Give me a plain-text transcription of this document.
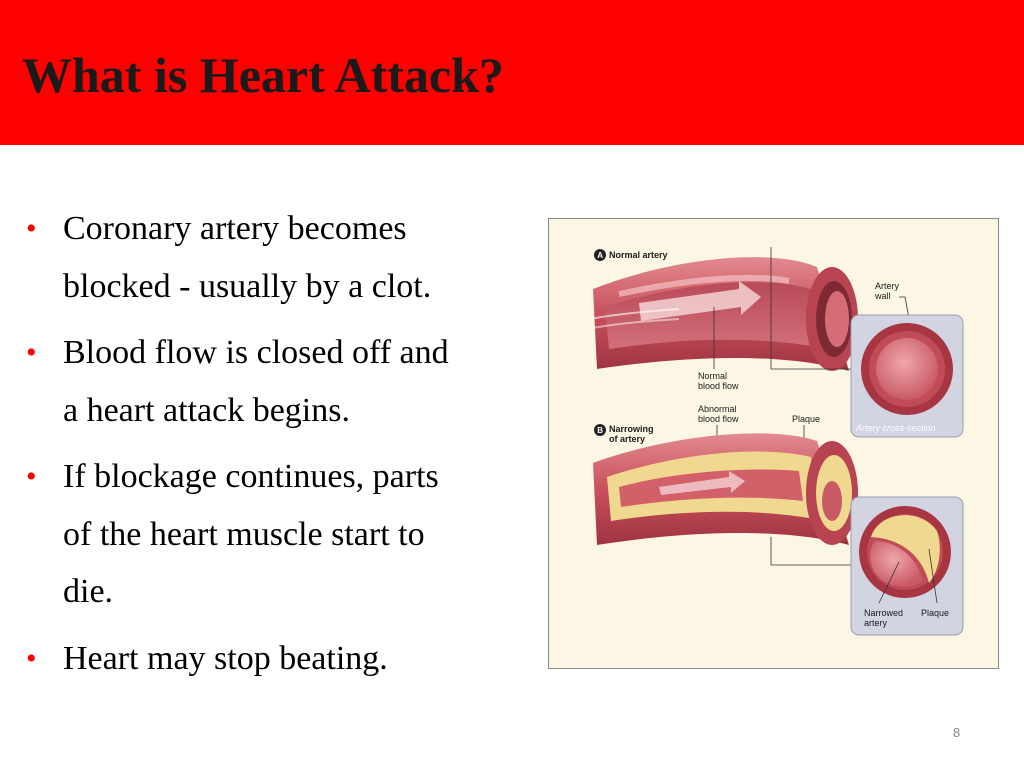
What is Heart Attack?
• Coronary artery becomes
blocked - usually by a clot.
• Blood flow is closed off and
a heart attack begins.
• If blockage continues, parts
of the heart muscle start to
die.
• Heart may stop beating.
A Normal artery
Normal
blood flow
Artery
wall
Artery cross-section
B Narrowing
of artery
Abnormal
blood flow	Plaque
Narrowed
artery
Plaque
8
